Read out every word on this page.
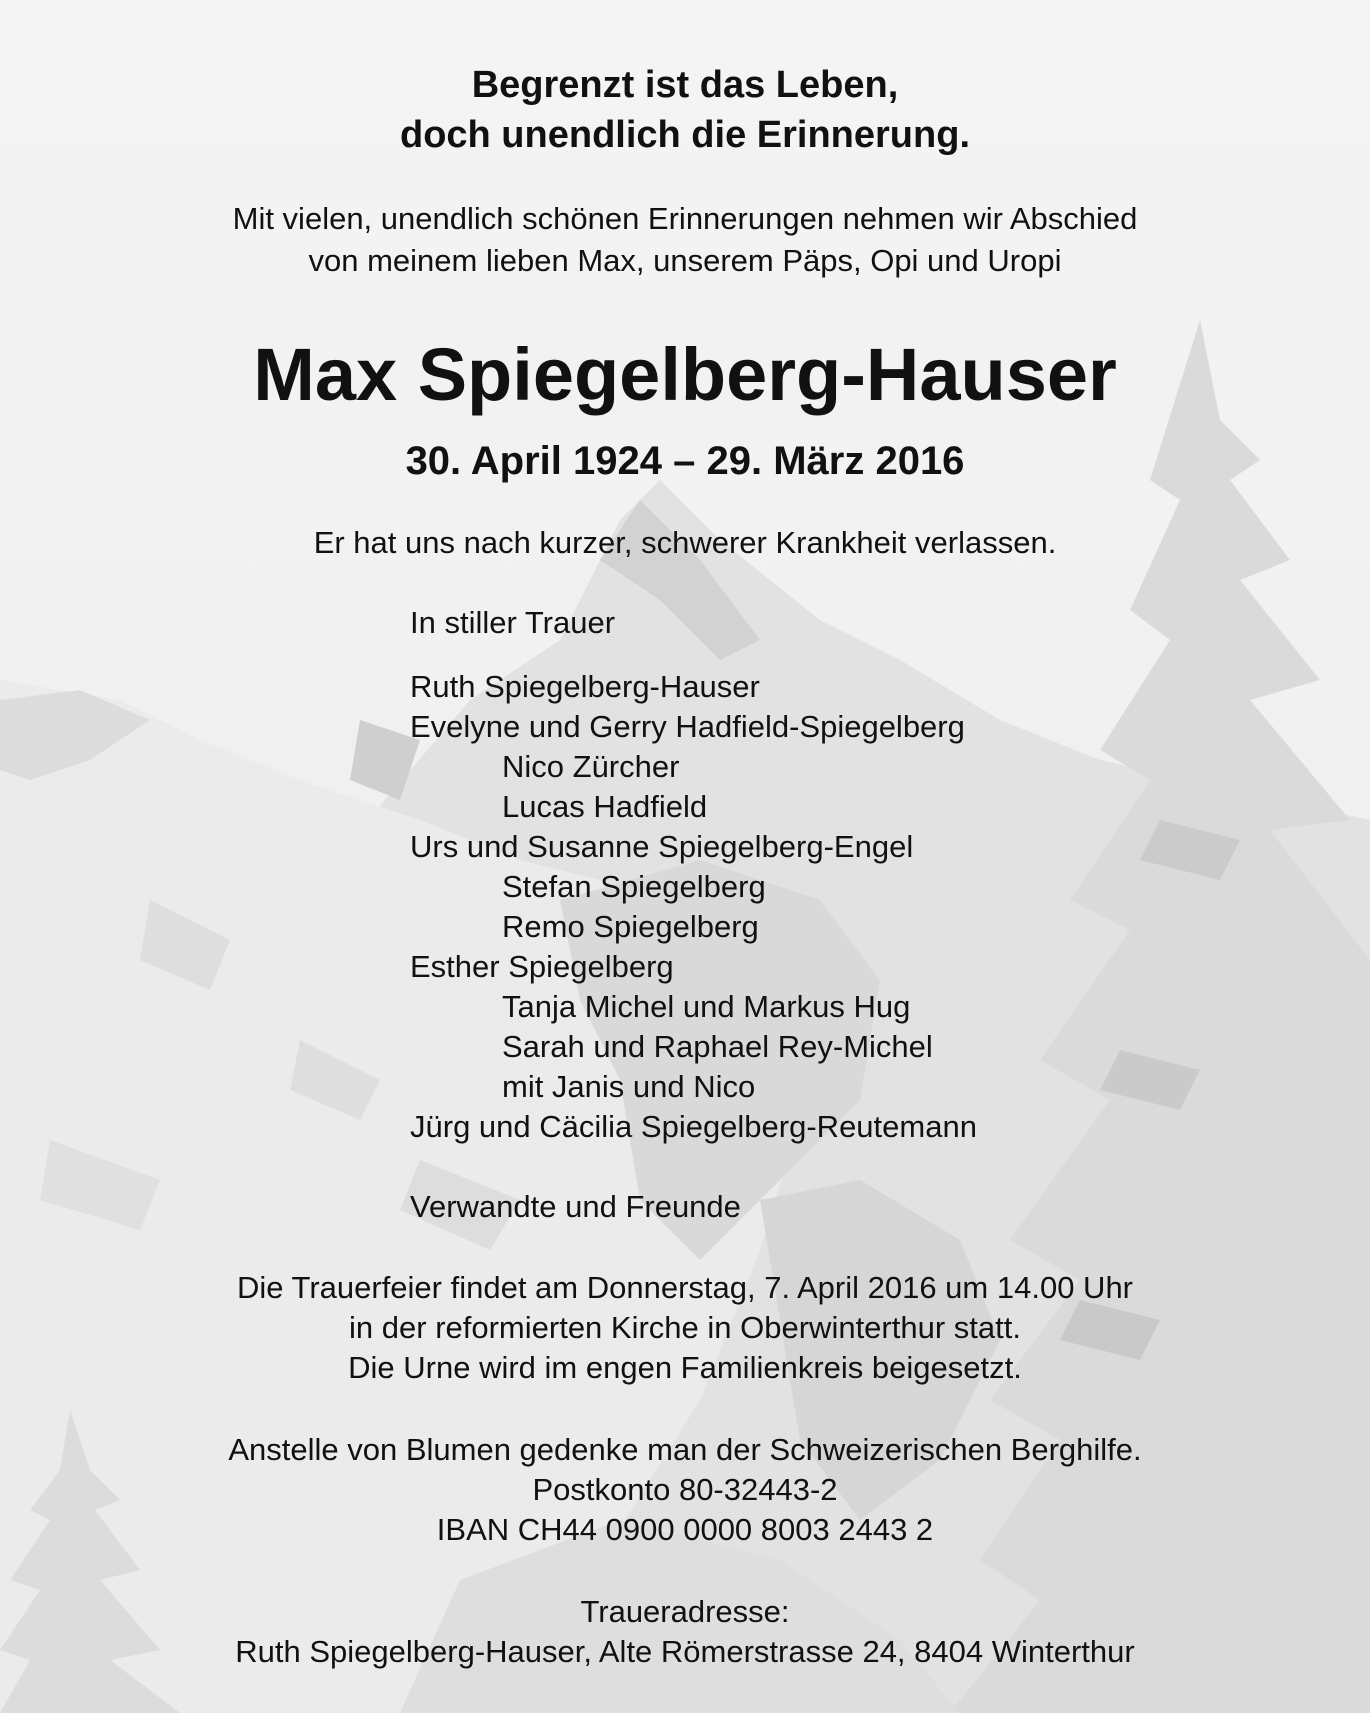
Begrenzt ist das Leben,
doch unendlich die Erinnerung.

Mit vielen, unendlich schönen Erinnerungen nehmen wir Abschied
von meinem lieben Max, unserem Päps, Opi und Uropi

Max Spiegelberg-Hauser

30. April 1924 – 29. März 2016

Er hat uns nach kurzer, schwerer Krankheit verlassen.

In stiller Trauer
Ruth Spiegelberg-Hauser
Evelyne und Gerry Hadfield-Spiegelberg
Nico Zürcher
Lucas Hadfield
Urs und Susanne Spiegelberg-Engel
Stefan Spiegelberg
Remo Spiegelberg
Esther Spiegelberg
Tanja Michel und Markus Hug
Sarah und Raphael Rey-Michel
mit Janis und Nico
Jürg und Cäcilia Spiegelberg-Reutemann
Verwandte und Freunde

Die Trauerfeier findet am Donnerstag, 7. April 2016 um 14.00 Uhr
in der reformierten Kirche in Oberwinterthur statt.
Die Urne wird im engen Familienkreis beigesetzt.

Anstelle von Blumen gedenke man der Schweizerischen Berghilfe.
Postkonto 80-32443-2
IBAN CH44 0900 0000 8003 2443 2

Traueradresse:
Ruth Spiegelberg-Hauser, Alte Römerstrasse 24, 8404 Winterthur
